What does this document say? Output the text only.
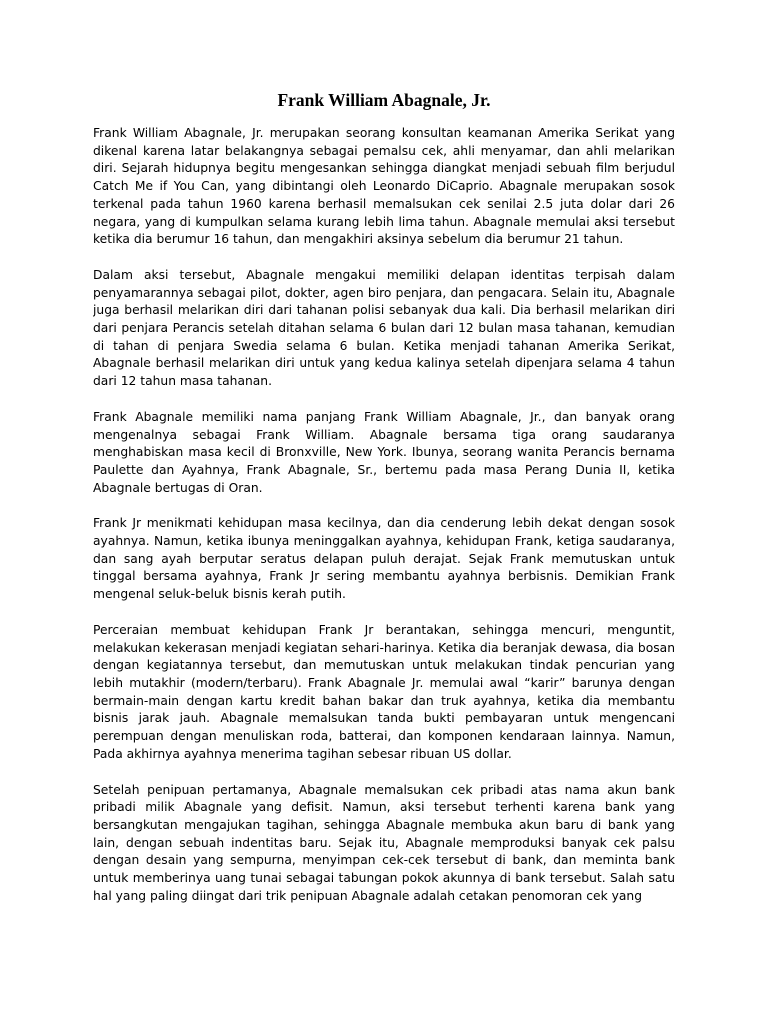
Frank William Abagnale, Jr.

Frank William Abagnale, Jr. merupakan seorang konsultan keamanan Amerika Serikat yang dikenal karena latar belakangnya sebagai pemalsu cek, ahli menyamar, dan ahli melarikan diri. Sejarah hidupnya begitu mengesankan sehingga diangkat menjadi sebuah film berjudul Catch Me if You Can, yang dibintangi oleh Leonardo DiCaprio. Abagnale merupakan sosok terkenal pada tahun 1960 karena berhasil memalsukan cek senilai 2.5 juta dolar dari 26 negara, yang di kumpulkan selama kurang lebih lima tahun. Abagnale memulai aksi tersebut ketika dia berumur 16 tahun, dan mengakhiri aksinya sebelum dia berumur 21 tahun.

Dalam aksi tersebut, Abagnale mengakui memiliki delapan identitas terpisah dalam penyamarannya sebagai pilot, dokter, agen biro penjara, dan pengacara. Selain itu, Abagnale juga berhasil melarikan diri dari tahanan polisi sebanyak dua kali. Dia berhasil melarikan diri dari penjara Perancis setelah ditahan selama 6 bulan dari 12 bulan masa tahanan, kemudian di tahan di penjara Swedia selama 6 bulan. Ketika menjadi tahanan Amerika Serikat, Abagnale berhasil melarikan diri untuk yang kedua kalinya setelah dipenjara selama 4 tahun dari 12 tahun masa tahanan.

Frank Abagnale memiliki nama panjang Frank William Abagnale, Jr., dan banyak orang mengenalnya sebagai Frank William. Abagnale bersama tiga orang saudaranya menghabiskan masa kecil di Bronxville, New York. Ibunya, seorang wanita Perancis bernama Paulette dan Ayahnya, Frank Abagnale, Sr., bertemu pada masa Perang Dunia II, ketika Abagnale bertugas di Oran.

Frank Jr menikmati kehidupan masa kecilnya, dan dia cenderung lebih dekat dengan sosok ayahnya. Namun, ketika ibunya meninggalkan ayahnya, kehidupan Frank, ketiga saudaranya, dan sang ayah berputar seratus delapan puluh derajat. Sejak Frank memutuskan untuk tinggal bersama ayahnya, Frank Jr sering membantu ayahnya berbisnis. Demikian Frank mengenal seluk-beluk bisnis kerah putih.

Perceraian membuat kehidupan Frank Jr berantakan, sehingga mencuri, menguntit, melakukan kekerasan menjadi kegiatan sehari-harinya. Ketika dia beranjak dewasa, dia bosan dengan kegiatannya tersebut, dan memutuskan untuk melakukan tindak pencurian yang lebih mutakhir (modern/terbaru). Frank Abagnale Jr. memulai awal “karir” barunya dengan bermain-main dengan kartu kredit bahan bakar dan truk ayahnya, ketika dia membantu bisnis jarak jauh. Abagnale memalsukan tanda bukti pembayaran untuk mengencani perempuan dengan menuliskan roda, batterai, dan komponen kendaraan lainnya. Namun, Pada akhirnya ayahnya menerima tagihan sebesar ribuan US dollar.

Setelah penipuan pertamanya, Abagnale memalsukan cek pribadi atas nama akun bank pribadi milik Abagnale yang defisit. Namun, aksi tersebut terhenti karena bank yang bersangkutan mengajukan tagihan, sehingga Abagnale membuka akun baru di bank yang lain, dengan sebuah indentitas baru. Sejak itu, Abagnale memproduksi banyak cek palsu dengan desain yang sempurna, menyimpan cek-cek tersebut di bank, dan meminta bank untuk memberinya uang tunai sebagai tabungan pokok akunnya di bank tersebut. Salah satu hal yang paling diingat dari trik penipuan Abagnale adalah cetakan penomoran cek yang
